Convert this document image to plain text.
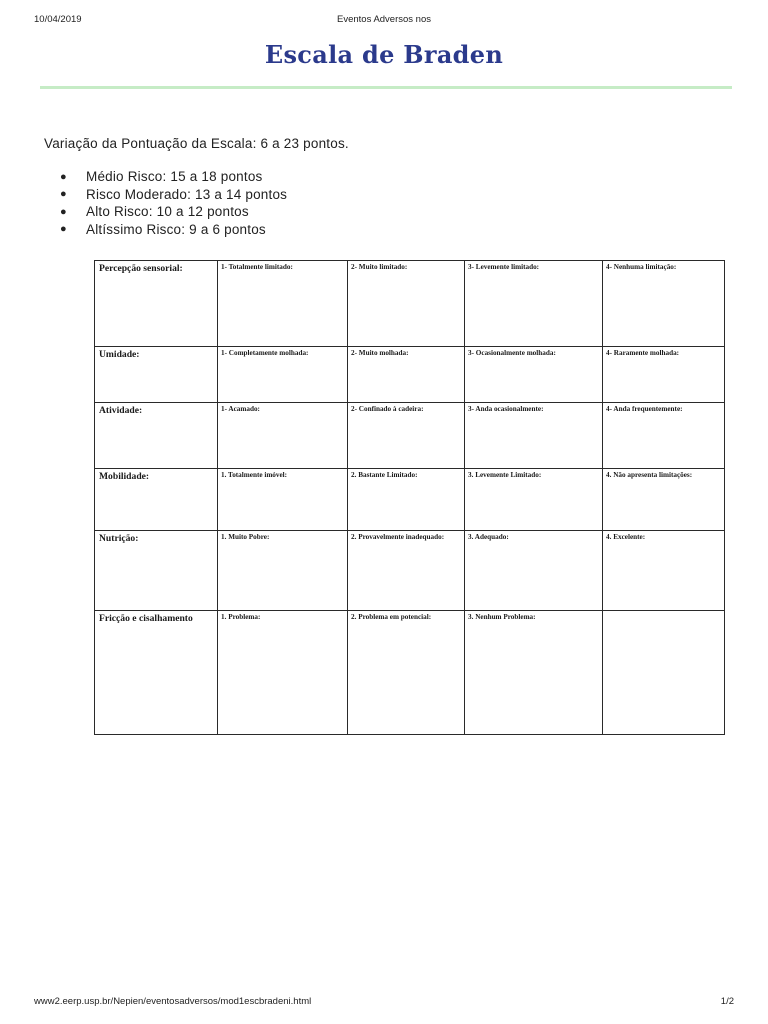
10/04/2019	Eventos Adversos nos
Escala de Braden

Variação da Pontuação da Escala: 6 a 23 pontos.

●	Médio Risco: 15 a 18 pontos
●	Risco Moderado: 13 a 14 pontos
●	Alto Risco: 10 a 12 pontos
●	Altíssimo Risco: 9 a 6 pontos
Percepção sensorial:	1- Totalmente limitado:	2- Muito limitado:	3- Levemente limitado:	4- Nenhuma limitação:

Umidade:	1- Completamente molhada:	2- Muito molhada:	3- Ocasionalmente molhada:	4- Raramente molhada:

Atividade:	1- Acamado:	2- Confinado à cadeira:	3- Anda ocasionalmente:	4- Anda frequentemente:

Mobilidade:	1. Totalmente imóvel:	2. Bastante Limitado:	3. Levemente Limitado:	4. Não apresenta limitações:

Nutrição:	1. Muito Pobre:	2. Provavelmente inadequado:	3. Adequado:	4. Excelente:

Fricção e cisalhamento	1. Problema:	2. Problema em potencial:	3. Nenhum Problema:

www2.eerp.usp.br/Nepien/eventosadversos/mod1escbradeni.html	1/2
